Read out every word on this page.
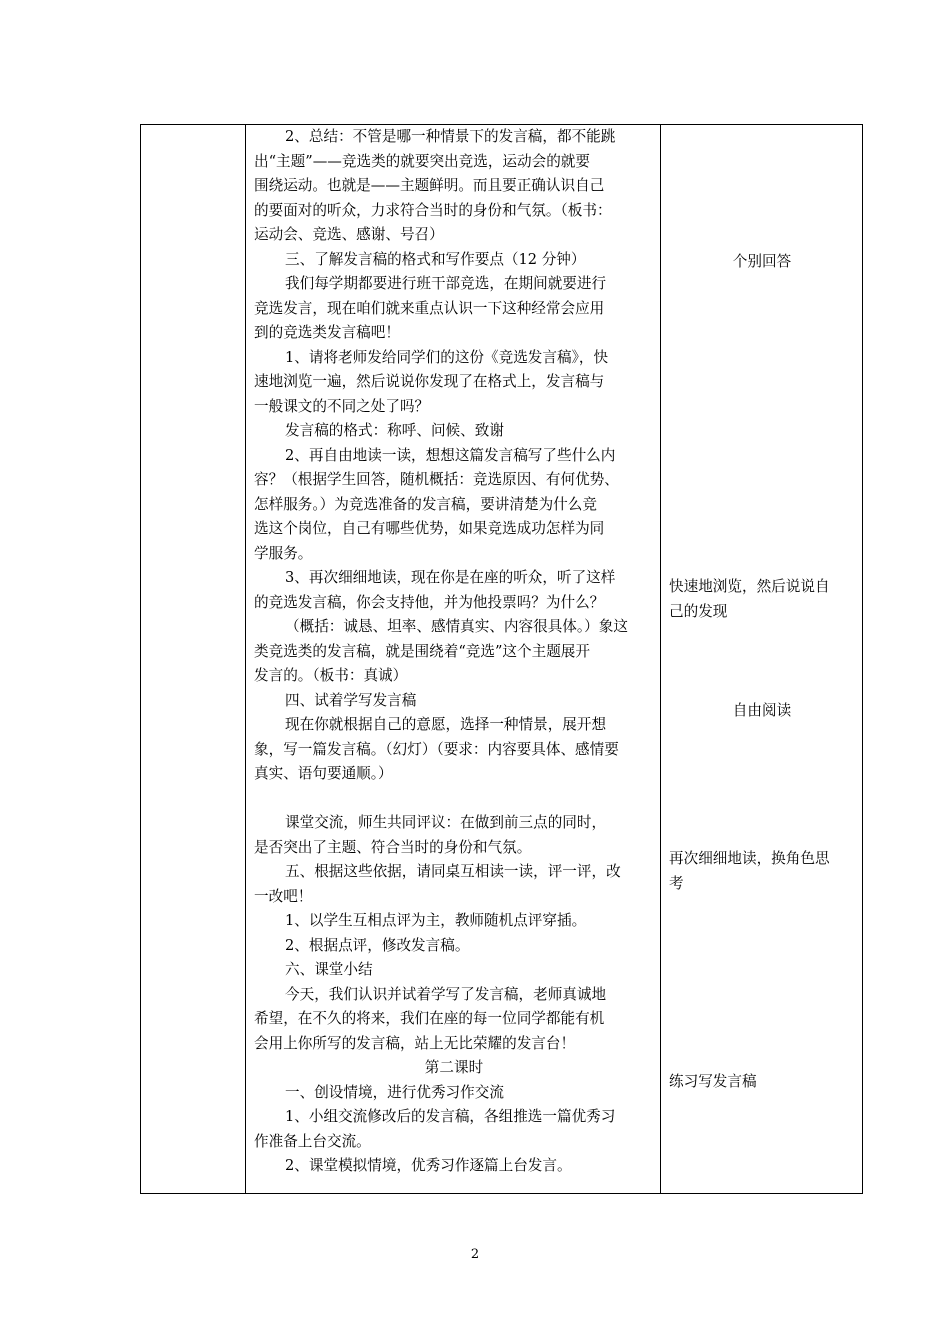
2、总结：不管是哪一种情景下的发言稿，都不能跳
出“主题”——竞选类的就要突出竞选，运动会的就要
围绕运动。也就是——主题鲜明。而且要正确认识自己
的要面对的听众，力求符合当时的身份和气氛。（板书：
运动会、竞选、感谢、号召）
三、了解发言稿的格式和写作要点（12 分钟）
我们每学期都要进行班干部竞选，在期间就要进行
竞选发言，现在咱们就来重点认识一下这种经常会应用
到的竞选类发言稿吧！
1、请将老师发给同学们的这份《竞选发言稿》，快
速地浏览一遍，然后说说你发现了在格式上，发言稿与
一般课文的不同之处了吗？
发言稿的格式：称呼、问候、致谢
2、再自由地读一读，想想这篇发言稿写了些什么内
容？（根据学生回答，随机概括：竞选原因、有何优势、
怎样服务。）为竞选准备的发言稿，要讲清楚为什么竞
选这个岗位，自己有哪些优势，如果竞选成功怎样为同
学服务。
3、再次细细地读，现在你是在座的听众，听了这样
的竞选发言稿，你会支持他，并为他投票吗？为什么？
（概括：诚恳、坦率、感情真实、内容很具体。）象这
类竞选类的发言稿，就是围绕着“竞选”这个主题展开
发言的。（板书：真诚）
四、试着学写发言稿
现在你就根据自己的意愿，选择一种情景，展开想
象，写一篇发言稿。（幻灯）（要求：内容要具体、感情要
真实、语句要通顺。）
课堂交流，师生共同评议：在做到前三点的同时，
是否突出了主题、符合当时的身份和气氛。
五、根据这些依据，请同桌互相读一读，评一评，改
一改吧！
1、以学生互相点评为主，教师随机点评穿插。
2、根据点评，修改发言稿。
六、课堂小结
今天，我们认识并试着学写了发言稿，老师真诚地
希望，在不久的将来，我们在座的每一位同学都能有机
会用上你所写的发言稿，站上无比荣耀的发言台！
第二课时
一、创设情境，进行优秀习作交流
1、小组交流修改后的发言稿，各组推选一篇优秀习
作准备上台交流。
2、课堂模拟情境，优秀习作逐篇上台发言。
个别回答
快速地浏览，然后说说自
己的发现
自由阅读
再次细细地读，换角色思
考
练习写发言稿
2
